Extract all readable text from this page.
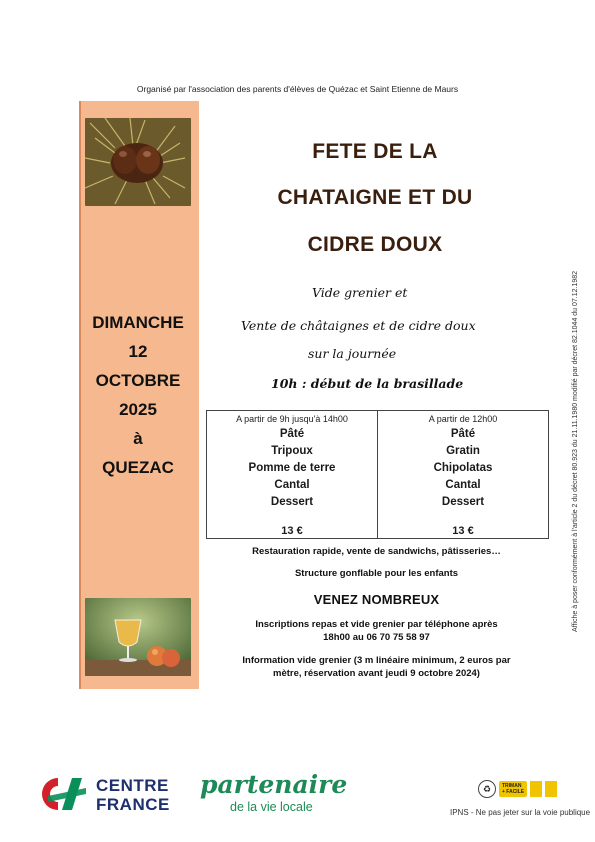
Organisé par l'association des parents d'élèves de Quézac et Saint Etienne de Maurs
DIMANCHE
12
OCTOBRE
2025
à
QUEZAC
FETE DE LA
CHATAIGNE ET DU
CIDRE DOUX
Vide grenier et
Vente de châtaignes et de cidre doux
sur la journée
10h : début de la brasillade
A partir de 9h jusqu'à 14h00
Pâté
Tripoux
Pomme de terre
Cantal
Dessert
13 €
A partir de 12h00
Pâté
Gratin
Chipolatas
Cantal
Dessert
13 €
Restauration rapide, vente de sandwichs, pâtisseries…
Structure gonflable pour les enfants
VENEZ NOMBREUX
Inscriptions repas et vide grenier par téléphone après
18h00 au 06 70 75 58 97
Information vide grenier (3 m linéaire minimum, 2 euros par
mètre, réservation avant jeudi 9 octobre 2024)
Affiche à poser conformément à l'article 2 du décret 80.923 du 21.11.1980 modifié par décret 82.1044 du 07.12.1982
CENTRE
FRANCE
partenaire
de la vie locale
♻	TRIMAN
+ FACILE
IPNS - Ne pas jeter sur la voie publique
